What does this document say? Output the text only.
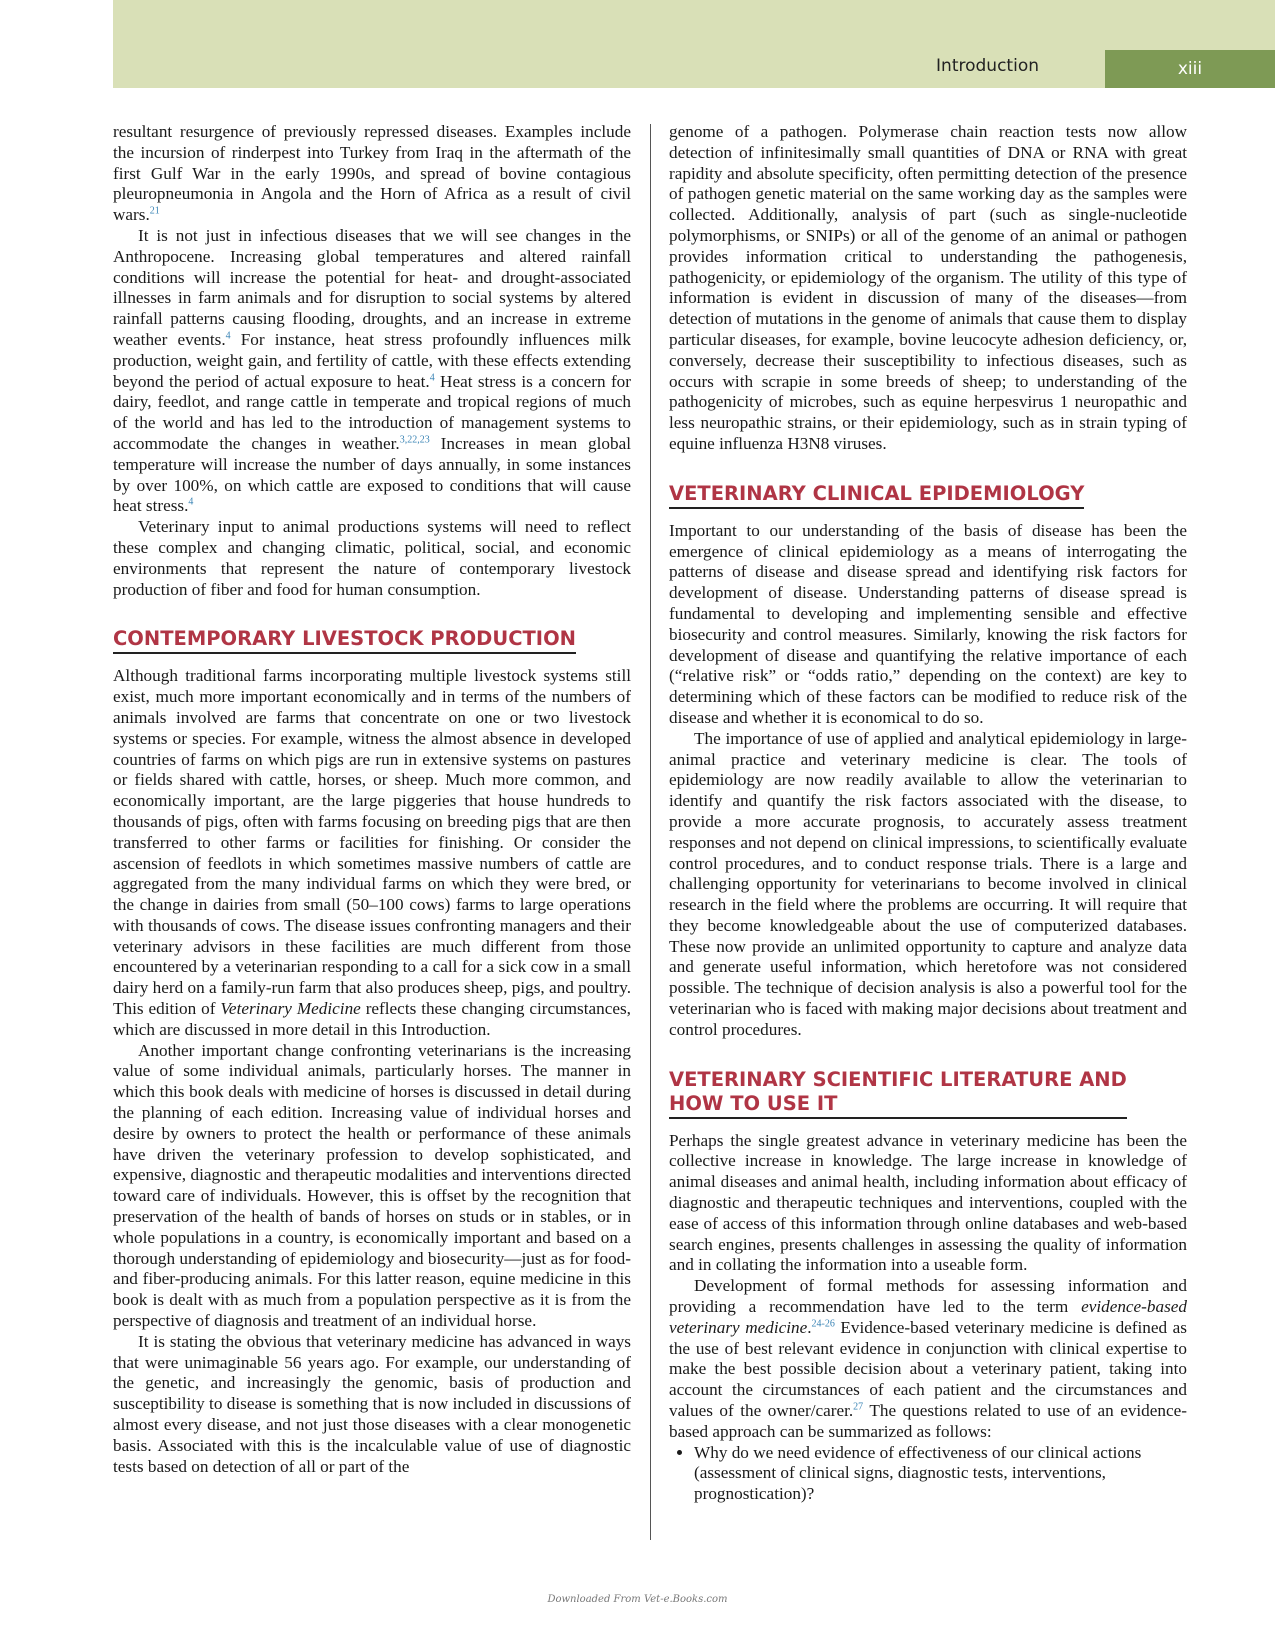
Introduction	xiii

resultant resurgence of previously repressed diseases. Examples include the incursion of rinderpest into Turkey from Iraq in the aftermath of the first Gulf War in the early 1990s, and spread of bovine contagious pleuropneumonia in Angola and the Horn of Africa as a result of civil wars.$^{21}$

It is not just in infectious diseases that we will see changes in the Anthropocene. Increasing global temperatures and altered rainfall conditions will increase the potential for heat- and drought-associated illnesses in farm animals and for disruption to social systems by altered rainfall patterns causing flooding, droughts, and an increase in extreme weather events.$^4$ For instance, heat stress profoundly influences milk production, weight gain, and fertility of cattle, with these effects extending beyond the period of actual exposure to heat.$^4$ Heat stress is a concern for dairy, feedlot, and range cattle in temperate and tropical regions of much of the world and has led to the introduction of management systems to accommodate the changes in weather.$^{3,22,23}$ Increases in mean global temperature will increase the number of days annually, in some instances by over 100%, on which cattle are exposed to conditions that will cause heat stress.$^4$

Veterinary input to animal productions systems will need to reflect these complex and changing climatic, political, social, and economic environments that represent the nature of contemporary livestock production of fiber and food for human consumption.

CONTEMPORARY LIVESTOCK PRODUCTION

Although traditional farms incorporating multiple livestock systems still exist, much more important economically and in terms of the numbers of animals involved are farms that concentrate on one or two livestock systems or species. For example, witness the almost absence in developed countries of farms on which pigs are run in extensive systems on pastures or fields shared with cattle, horses, or sheep. Much more common, and economically important, are the large piggeries that house hundreds to thousands of pigs, often with farms focusing on breeding pigs that are then transferred to other farms or facilities for finishing. Or consider the ascension of feedlots in which sometimes massive numbers of cattle are aggregated from the many individual farms on which they were bred, or the change in dairies from small (50–100 cows) farms to large operations with thousands of cows. The disease issues confronting managers and their veterinary advisors in these facilities are much different from those encountered by a veterinarian responding to a call for a sick cow in a small dairy herd on a family-run farm that also produces sheep, pigs, and poultry. This edition of Veterinary Medicine reflects these changing circumstances, which are discussed in more detail in this Introduction.

Another important change confronting veterinarians is the increasing value of some individual animals, particularly horses. The manner in which this book deals with medicine of horses is discussed in detail during the planning of each edition. Increasing value of individual horses and desire by owners to protect the health or performance of these animals have driven the veterinary profession to develop sophisticated, and expensive, diagnostic and therapeutic modalities and interventions directed toward care of individuals. However, this is offset by the recognition that preservation of the health of bands of horses on studs or in stables, or in whole populations in a country, is economically important and based on a thorough understanding of epidemiology and biosecurity—just as for food- and fiber-producing animals. For this latter reason, equine medicine in this book is dealt with as much from a population perspective as it is from the perspective of diagnosis and treatment of an individual horse.

It is stating the obvious that veterinary medicine has advanced in ways that were unimaginable 56 years ago. For example, our understanding of the genetic, and increasingly the genomic, basis of production and susceptibility to disease is something that is now included in discussions of almost every disease, and not just those diseases with a clear monogenetic basis. Associated with this is the incalculable value of use of diagnostic tests based on detection of all or part of the

genome of a pathogen. Polymerase chain reaction tests now allow detection of infinitesimally small quantities of DNA or RNA with great rapidity and absolute specificity, often permitting detection of the presence of pathogen genetic material on the same working day as the samples were collected. Additionally, analysis of part (such as single-nucleotide polymorphisms, or SNIPs) or all of the genome of an animal or pathogen provides information critical to understanding the pathogenesis, pathogenicity, or epidemiology of the organism. The utility of this type of information is evident in discussion of many of the diseases—from detection of mutations in the genome of animals that cause them to display particular diseases, for example, bovine leucocyte adhesion deficiency, or, conversely, decrease their susceptibility to infectious diseases, such as occurs with scrapie in some breeds of sheep; to understanding of the pathogenicity of microbes, such as equine herpesvirus 1 neuropathic and less neuropathic strains, or their epidemiology, such as in strain typing of equine influenza H3N8 viruses.

VETERINARY CLINICAL EPIDEMIOLOGY

Important to our understanding of the basis of disease has been the emergence of clinical epidemiology as a means of interrogating the patterns of disease and disease spread and identifying risk factors for development of disease. Understanding patterns of disease spread is fundamental to developing and implementing sensible and effective biosecurity and control measures. Similarly, knowing the risk factors for development of disease and quantifying the relative importance of each (“relative risk” or “odds ratio,” depending on the context) are key to determining which of these factors can be modified to reduce risk of the disease and whether it is economical to do so.

The importance of use of applied and analytical epidemiology in large-animal practice and veterinary medicine is clear. The tools of epidemiology are now readily available to allow the veterinarian to identify and quantify the risk factors associated with the disease, to provide a more accurate prognosis, to accurately assess treatment responses and not depend on clinical impressions, to scientifically evaluate control procedures, and to conduct response trials. There is a large and challenging opportunity for veterinarians to become involved in clinical research in the field where the problems are occurring. It will require that they become knowledgeable about the use of computerized databases. These now provide an unlimited opportunity to capture and analyze data and generate useful information, which heretofore was not considered possible. The technique of decision analysis is also a powerful tool for the veterinarian who is faced with making major decisions about treatment and control procedures.

VETERINARY SCIENTIFIC LITERATURE AND
HOW TO USE IT

Perhaps the single greatest advance in veterinary medicine has been the collective increase in knowledge. The large increase in knowledge of animal diseases and animal health, including information about efficacy of diagnostic and therapeutic techniques and interventions, coupled with the ease of access of this information through online databases and web-based search engines, presents challenges in assessing the quality of information and in collating the information into a useable form.

Development of formal methods for assessing information and providing a recommendation have led to the term evidence-based veterinary medicine.$^{24-26}$ Evidence-based veterinary medicine is defined as the use of best relevant evidence in conjunction with clinical expertise to make the best possible decision about a veterinary patient, taking into account the circumstances of each patient and the circumstances and values of the owner/carer.$^{27}$ The questions related to use of an evidence-based approach can be summarized as follows:

• Why do we need evidence of effectiveness of our clinical actions (assessment of clinical signs, diagnostic tests, interventions, prognostication)?
Downloaded From Vet-e.Books.com
